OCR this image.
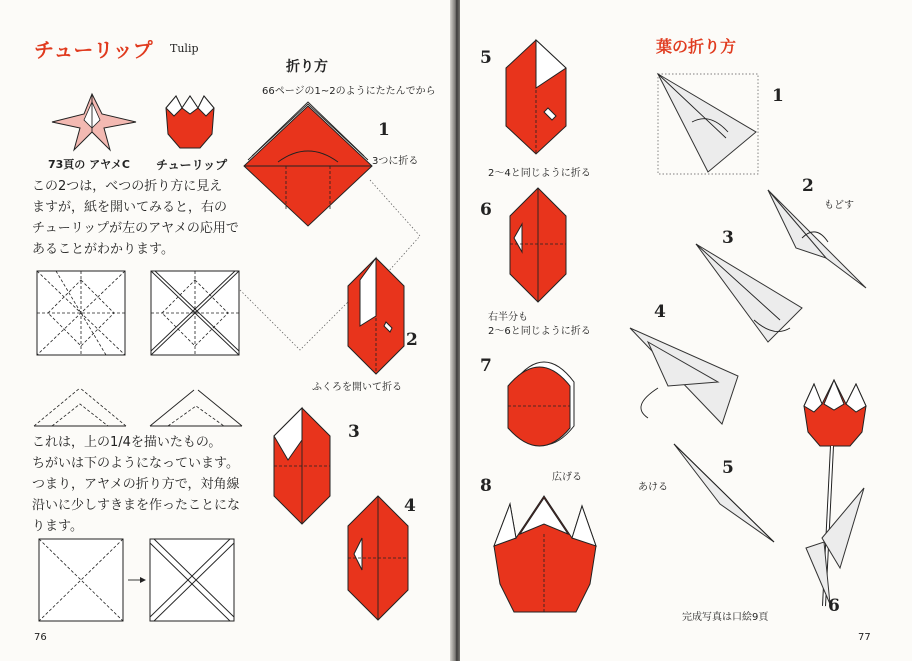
チューリップ Tulip
73頁の アヤメC チューリップ
この2つは，べつの折り方に見え
ますが，紙を開いてみると，右の
チューリップが左のアヤメの応用で
あることがわかります。
これは，上の1/4を描いたもの。
ちがいは下のようになっています。
つまり，アヤメの折り方で，対角線
沿いに少しすきまを作ったことにな
ります。
折り方
66ページの1~2のようにたたんでから
1
3つに折る
2
ふくろを開いて折る
3
4
76
5
2～4と同じように折る
6
右半分も
2～6と同じように折る
7
広げる
8
葉の折り方
1
2
もどす
3
4
5
あける
6
完成写真は口絵9頁
77
